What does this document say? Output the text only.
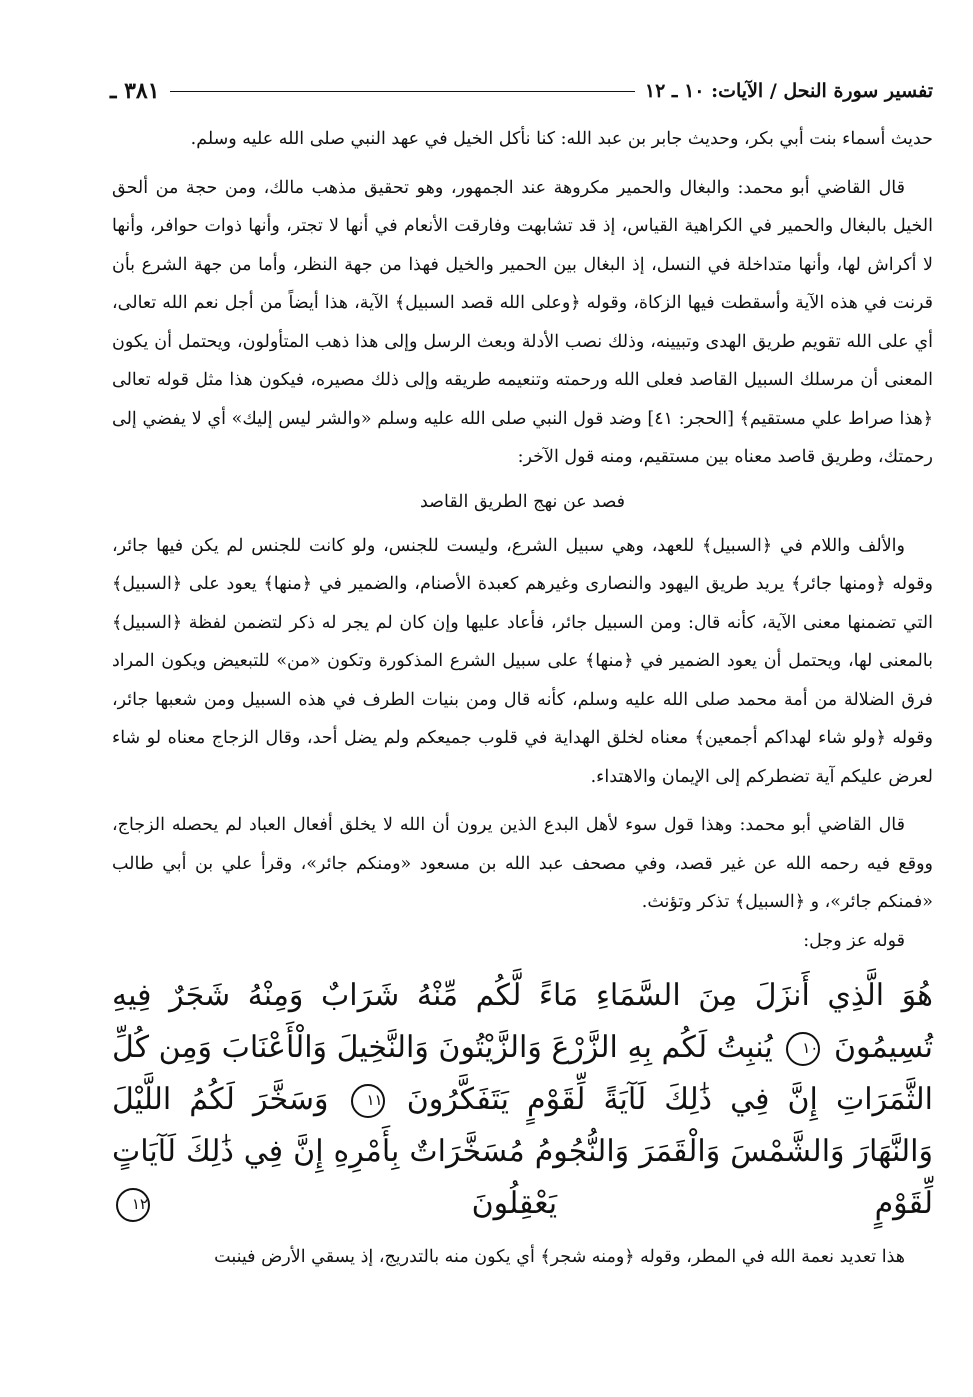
تفسير سورة النحل / الآيات: ١٠ ـ ١٢
٣٨١ ـ

حديث أسماء بنت أبي بكر، وحديث جابر بن عبد الله: كنا نأكل الخيل في عهد النبي صلى الله عليه وسلم.

قال القاضي أبو محمد: والبغال والحمير مكروهة عند الجمهور، وهو تحقيق مذهب مالك، ومن حجة من ألحق الخيل بالبغال والحمير في الكراهية القياس، إذ قد تشابهت وفارقت الأنعام في أنها لا تجتر، وأنها ذوات حوافر، وأنها لا أكراش لها، وأنها متداخلة في النسل، إذ البغال بين الحمير والخيل فهذا من جهة النظر، وأما من جهة الشرع بأن قرنت في هذه الآية وأسقطت فيها الزكاة، وقوله ﴿وعلى الله قصد السبيل﴾ الآية، هذا أيضاً من أجل نعم الله تعالى، أي على الله تقويم طريق الهدى وتبيينه، وذلك نصب الأدلة وبعث الرسل وإلى هذا ذهب المتأولون، ويحتمل أن يكون المعنى أن مرسلك السبيل القاصد فعلى الله ورحمته وتنعيمه طريقه وإلى ذلك مصيره، فيكون هذا مثل قوله تعالى ﴿هذا صراط علي مستقيم﴾ [الحجر: ٤١] وضد قول النبي صلى الله عليه وسلم «والشر ليس إليك» أي لا يفضي إلى رحمتك، وطريق قاصد معناه بين مستقيم، ومنه قول الآخر:

فصد عن نهج الطريق القاصد

والألف واللام في ﴿السبيل﴾ للعهد، وهي سبيل الشرع، وليست للجنس، ولو كانت للجنس لم يكن فيها جائر، وقوله ﴿ومنها جائر﴾ يريد طريق اليهود والنصارى وغيرهم كعبدة الأصنام، والضمير في ﴿منها﴾ يعود على ﴿السبيل﴾ التي تضمنها معنى الآية، كأنه قال: ومن السبيل جائر، فأعاد عليها وإن كان لم يجر له ذكر لتضمن لفظة ﴿السبيل﴾ بالمعنى لها، ويحتمل أن يعود الضمير في ﴿منها﴾ على سبيل الشرع المذكورة وتكون «من» للتبعيض ويكون المراد فرق الضلالة من أمة محمد صلى الله عليه وسلم، كأنه قال ومن بنيات الطرف في هذه السبيل ومن شعبها جائر، وقوله ﴿ولو شاء لهداكم أجمعين﴾ معناه لخلق الهداية في قلوب جميعكم ولم يضل أحد، وقال الزجاج معناه لو شاء لعرض عليكم آية تضطركم إلى الإيمان والاهتداء.

قال القاضي أبو محمد: وهذا قول سوء لأهل البدع الذين يرون أن الله لا يخلق أفعال العباد لم يحصله الزجاج، ووقع فيه رحمه الله عن غير قصد، وفي مصحف عبد الله بن مسعود «ومنكم جائر»، وقرأ علي بن أبي طالب «فمنكم جائر»، و ﴿السبيل﴾ تذكر وتؤنث.

قوله عز وجل:

هُوَ الَّذِي أَنزَلَ مِنَ السَّمَاءِ مَاءً لَّكُم مِّنْهُ شَرَابٌ وَمِنْهُ شَجَرٌ فِيهِ تُسِيمُونَ ١٠ يُنبِتُ لَكُم بِهِ الزَّرْعَ وَالزَّيْتُونَ وَالنَّخِيلَ وَالْأَعْنَابَ وَمِن كُلِّ الثَّمَرَاتِ إِنَّ فِي ذَٰلِكَ لَآيَةً لِّقَوْمٍ يَتَفَكَّرُونَ ١١ وَسَخَّرَ لَكُمُ اللَّيْلَ وَالنَّهَارَ وَالشَّمْسَ وَالْقَمَرَ وَالنُّجُومُ مُسَخَّرَاتٌ بِأَمْرِهِ إِنَّ فِي ذَٰلِكَ لَآيَاتٍ لِّقَوْمٍ يَعْقِلُونَ ١٢

هذا تعديد نعمة الله في المطر، وقوله ﴿ومنه شجر﴾ أي يكون منه بالتدريج، إذ يسقي الأرض فينبت
